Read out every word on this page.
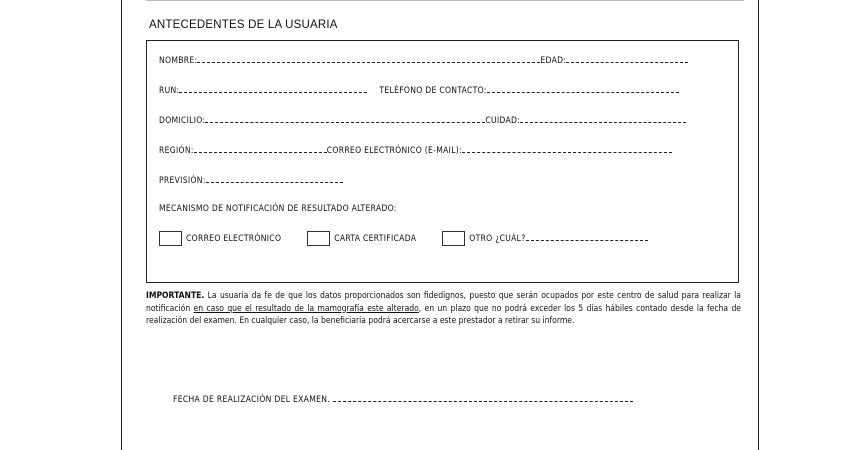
ANTECEDENTES DE LA USUARIA
NOMBRE:	EDAD:
RUN:	TELÉFONO DE CONTACTO:
DOMICILIO:	CUIDAD:
REGIÓN:	CORREO ELECTRÓNICO (E-MAIL):
PREVISIÓN:
MECANISMO DE NOTIFICACIÓN DE RESULTADO ALTERADO:
CORREO ELECTRÓNICO	CARTA CERTIFICADA	OTRO ¿CUÁL?
IMPORTANTE. La usuaria da fe de que los datos proporcionados son fidedignos, puesto que serán ocupados por este centro de salud para realizar la notificación en caso que el resultado de la mamografía este alterado, en un plazo que no podrá exceder los 5 días hábiles contado desde la fecha de realización del examen. En cualquier caso, la beneficiaria podrá acercarse a este prestador a retirar su informe.
FECHA DE REALIZACIÓN DEL EXAMEN.
